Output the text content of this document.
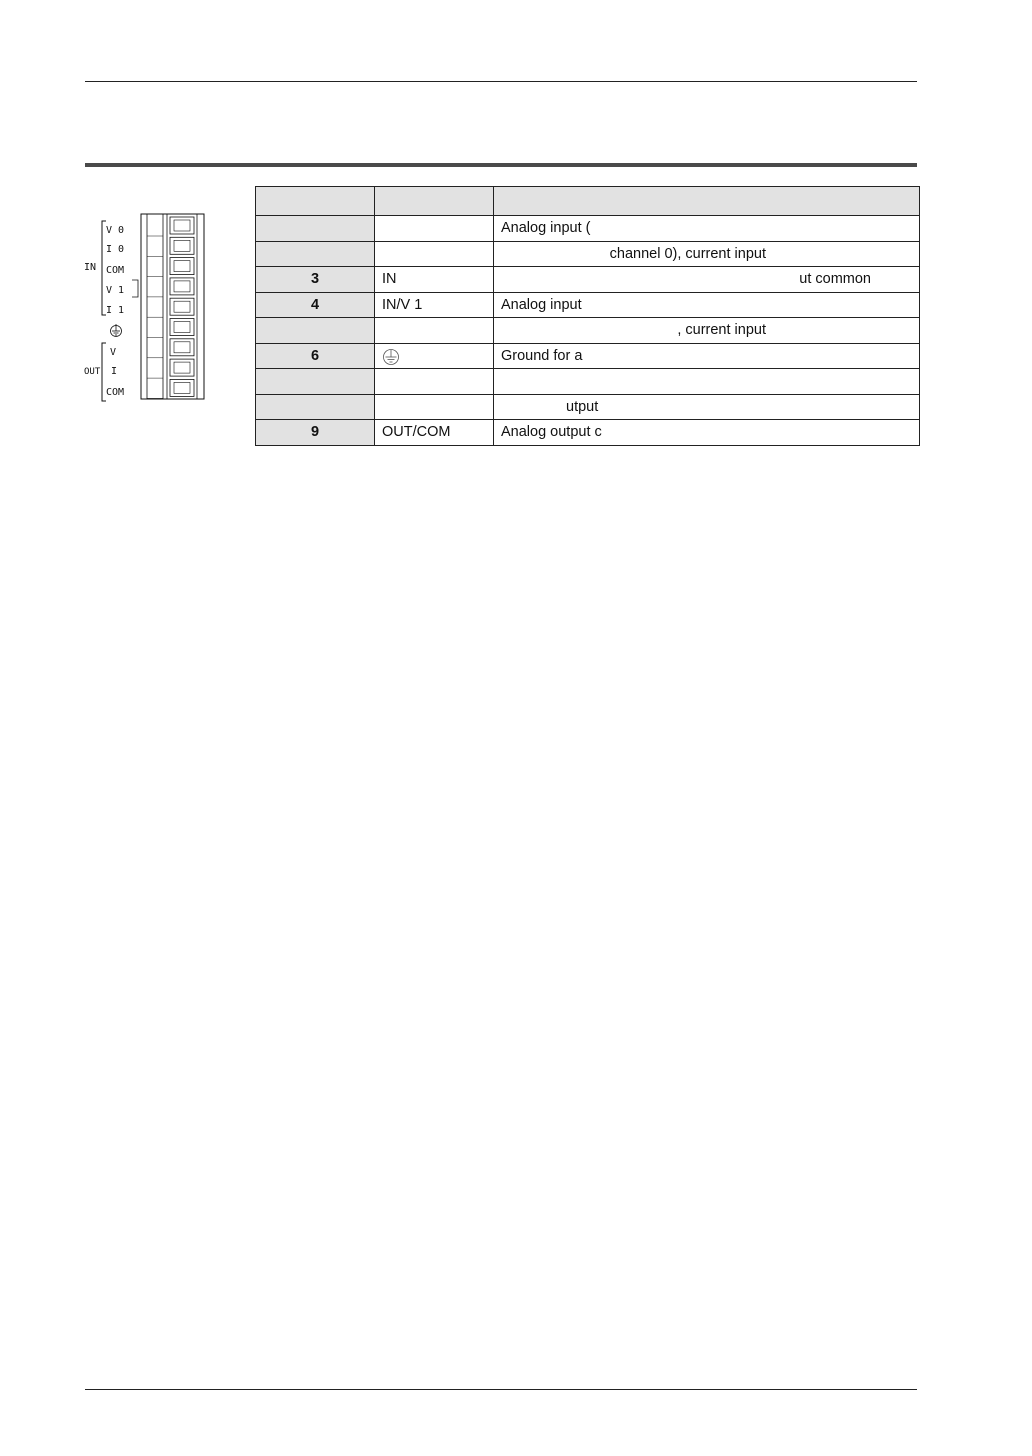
IN
OUT
V 0
I 0
COM
V 1
I 1
V
I
COM

		Analog input (
		channel 0), current input
3	IN	ut common
4	IN/V 1	Analog input
		, current input
6		Ground for a

		utput
9	OUT/COM	Analog output c
